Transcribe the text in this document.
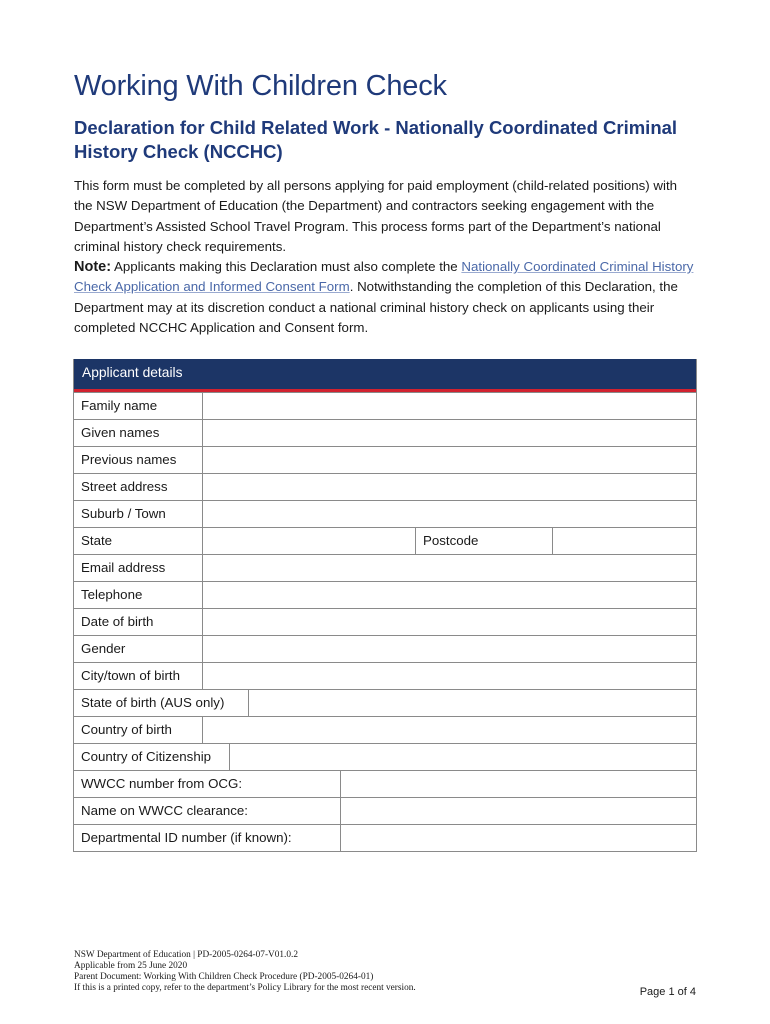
Working With Children Check
Declaration for Child Related Work - Nationally Coordinated Criminal History Check (NCCHC)

This form must be completed by all persons applying for paid employment (child-related positions) with the NSW Department of Education (the Department) and contractors seeking engagement with the Department’s Assisted School Travel Program. This process forms part of the Department’s national criminal history check requirements.

Note: Applicants making this Declaration must also complete the Nationally Coordinated Criminal History Check Application and Informed Consent Form. Notwithstanding the completion of this Declaration, the Department may at its discretion conduct a national criminal history check on applicants using their completed NCCHC Application and Consent form.

Applicant details
Family name
Given names
Previous names
Street address
Suburb / Town
State	Postcode
Email address
Telephone
Date of birth
Gender
City/town of birth
State of birth (AUS only)
Country of birth
Country of Citizenship
WWCC number from OCG:
Name on WWCC clearance:
Departmental ID number (if known):
NSW Department of Education | PD-2005-0264-07-V01.0.2
Applicable from 25 June 2020
Parent Document: Working With Children Check Procedure (PD-2005-0264-01)
If this is a printed copy, refer to the department’s Policy Library for the most recent version.	Page 1 of 4
